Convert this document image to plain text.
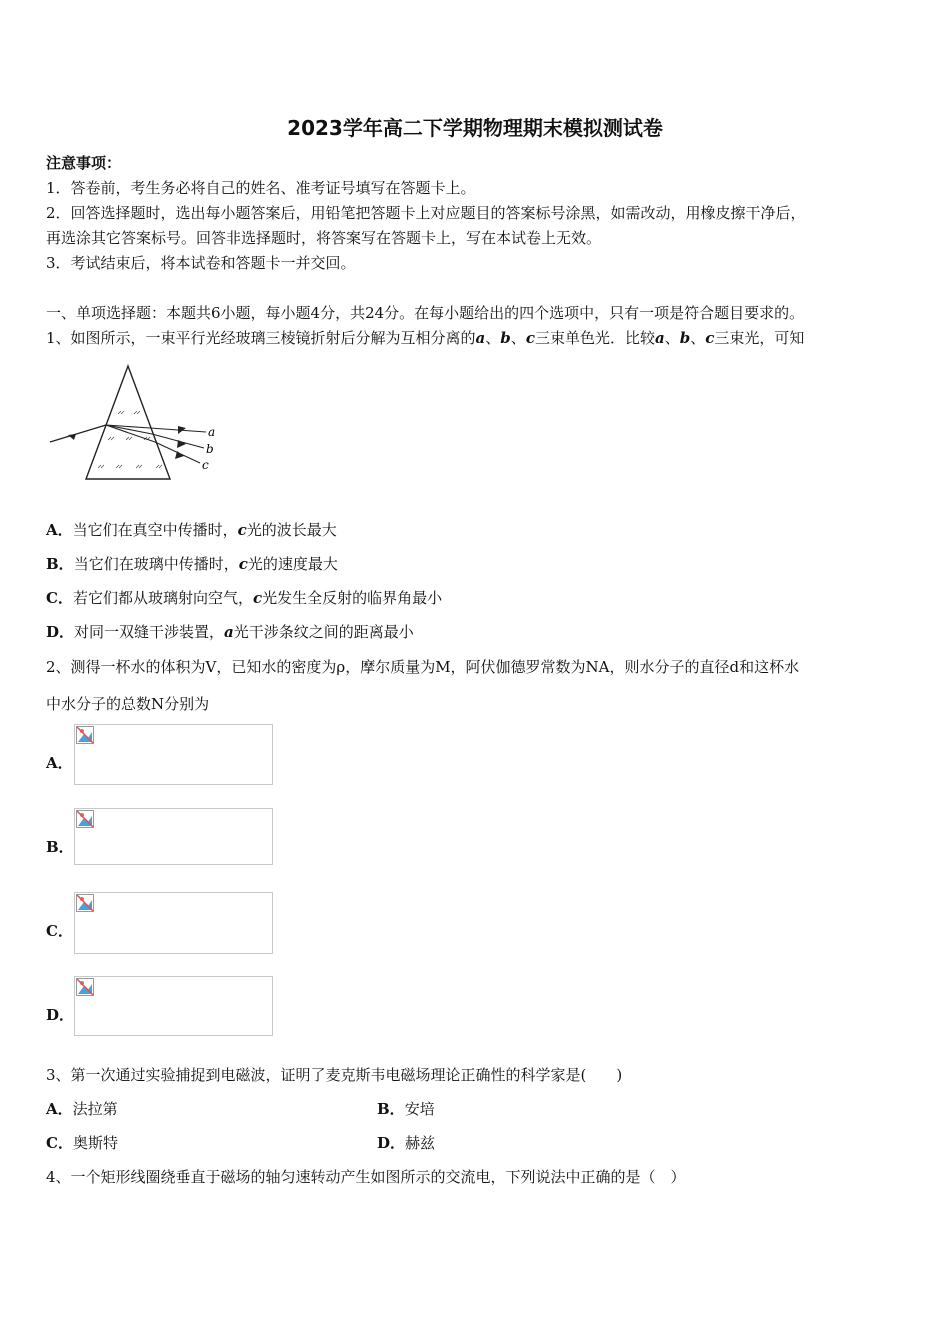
2023学年高二下学期物理期末模拟测试卷
注意事项：
1．答卷前，考生务必将自己的姓名、准考证号填写在答题卡上。
2．回答选择题时，选出每小题答案后，用铅笔把答题卡上对应题目的答案标号涂黑，如需改动，用橡皮擦干净后，
再选涂其它答案标号。回答非选择题时，将答案写在答题卡上，写在本试卷上无效。
3．考试结束后，将本试卷和答题卡一并交回。
一、单项选择题：本题共6小题，每小题4分，共24分。在每小题给出的四个选项中，只有一项是符合题目要求的。
1、如图所示，一束平行光经玻璃三棱镜折射后分解为互相分离的a、b、c三束单色光．比较a、b、c三束光，可知
a
b
c
A．当它们在真空中传播时，c光的波长最大
B．当它们在玻璃中传播时，c光的速度最大
C．若它们都从玻璃射向空气，c光发生全反射的临界角最小
D．对同一双缝干涉装置，a光干涉条纹之间的距离最小
2、测得一杯水的体积为V，已知水的密度为ρ，摩尔质量为M，阿伏伽德罗常数为NA，则水分子的直径d和这杯水
中水分子的总数N分别为
A．
B．
C．
D．
3、第一次通过实验捕捉到电磁波，证明了麦克斯韦电磁场理论正确性的科学家是(　　)
A．法拉第	B．安培
C．奥斯特	D．赫兹
4、一个矩形线圈绕垂直于磁场的轴匀速转动产生如图所示的交流电，下列说法中正确的是（　）
